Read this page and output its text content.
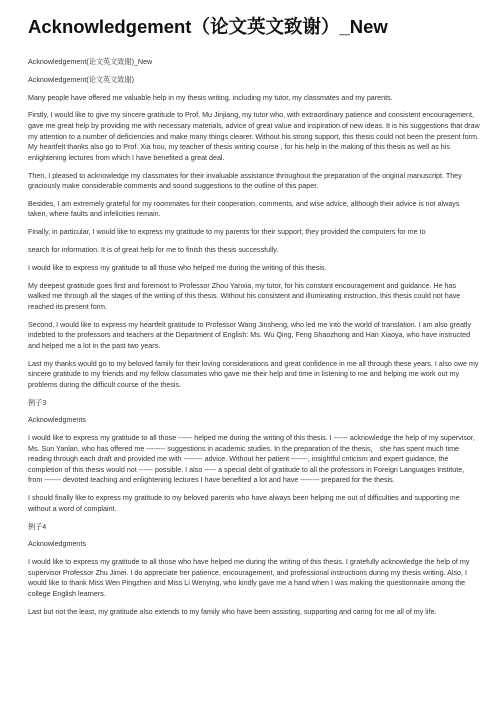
Acknowledgement（论文英文致谢）_New

Acknowledgement(论文英文致谢)_New

Acknowledgement(论文英文致谢)

Many people have offered me valuable help in my thesis writing, including my tutor, my classmates and my parents.

Firstly, I would like to give my sincere gratitude to Prof. Mu Jinjiang, my tutor who, with extraordinary patience and consistent encouragement, gave me great help by providing me with necessary materials, advice of great value and inspiration of new ideas. It is his suggestions that draw my attention to a number of deficiencies and make many things clearer. Without his strong support, this thesis could not been the present form. My heartfelt thanks also go to Prof. Xia hou, my teacher of thesis writing course , for his help in the making of this thesis as well as his enlightening lectures from which I have benefited a great deal.

Then, I pleased to acknowledge my classmates for their invaluable assistance throughout the preparation of the original manuscript. They graciously make considerable comments and sound suggestions to the outline of this paper.

Besides, I am extremely grateful for my roommates for their cooperation, comments, and wise advice, although their advice is not always taken, where faults and infelicities remain.

Finally, in particular, I would like to express my gratitude to my parents for their support; they provided the computers for me to

search for information. It is of great help for me to finish this thesis successfully.

I would like to express my gratitude to all those who helped me during the writing of this thesis.

My deepest gratitude goes first and foremost to Professor Zhou Yanxia, my tutor, for his constant encouragement and guidance. He has walked me through all the stages of the writing of this thesis. Without his consistent and illuminating instruction, this thesis could not have reached its present form.

Second, I would like to express my heartfelt gratitude to Professor Wang Jinsheng, who led me into the world of translation. I am also greatly indebted to the professors and teachers at the Department of English: Ms. Wu Qing, Feng Shaozhong and Han Xiaoya, who have instructed and helped me a lot in the past two years.

Last my thanks would go to my beloved family for their loving considerations and great confidence in me all through these years. I also owe my sincere gratitude to my friends and my fellow classmates who gave me their help and time in listening to me and helping me work out my problems during the difficult course of the thesis.

例子3

Acknowledgments

I would like to express my gratitude to all those ------ helped me during the writing of this thesis. I ------ acknowledge the help of my supervisor, Ms. Sun Yanlan, who has offered me -------- suggestions in academic studies. In the preparation of the thesis， she has spent much time reading through each draft and provided me with -------- advice. Without her patient -------, insightful criticism and expert guidance, the completion of this thesis would not ------ possible. I also ----- a special debt of gratitude to all the professors in Foreign Languages Institute, from ------- devoted teaching and enlightening lectures I have benefited a lot and have -------- prepared for the thesis.

I should finally like to express my gratitude to my beloved parents who have always been helping me out of difficulties and supporting me without a word of complaint.

例子4

Acknowledgments

I would like to express my gratitude to all those who have helped me during the writing of this thesis. I gratefully acknowledge the help of my supervisor Professor Zhu Jimei. I do appreciate her patience, encouragement, and professional instructions during my thesis writing. Also, I would like to thank Miss Wen Pingzhen and Miss Li Wenying, who kindly gave me a hand when I was making the questionnaire among the college English learners.

Last but not the least, my gratitude also extends to my family who have been assisting, supporting and caring for me all of my life.
